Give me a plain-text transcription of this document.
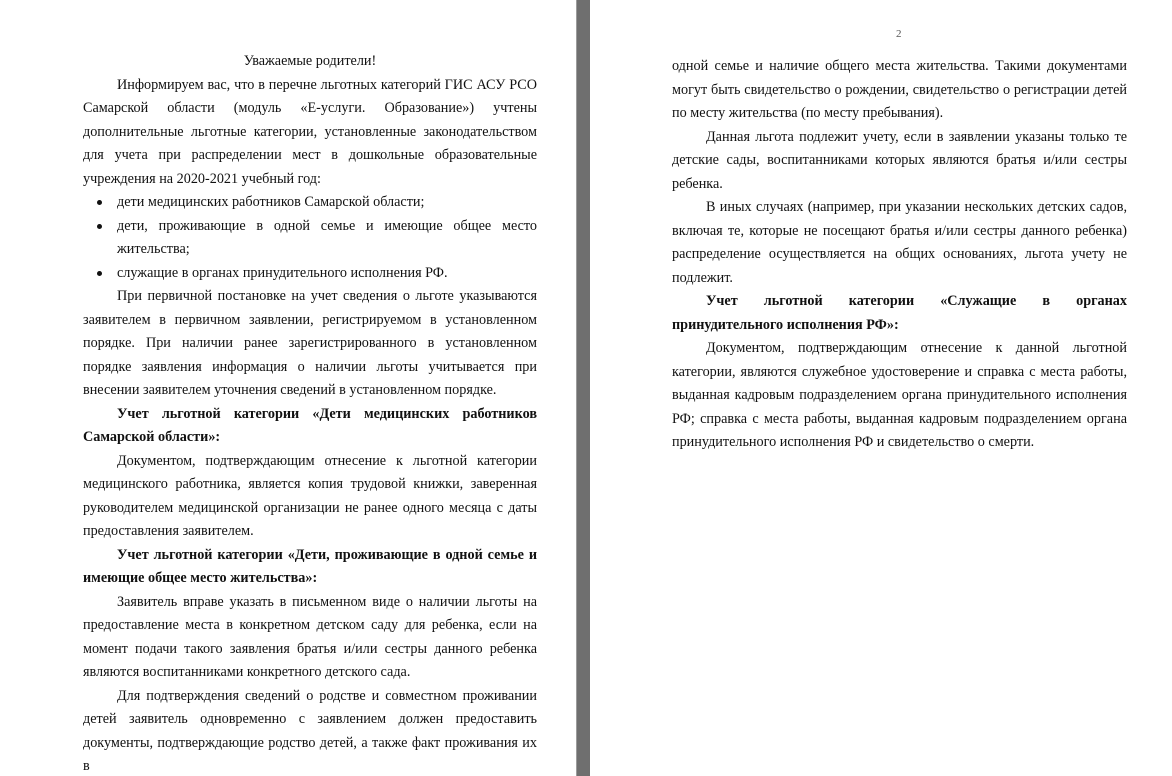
Уважаемые родители!

Информируем вас, что в перечне льготных категорий ГИС АСУ РСО Самарской области (модуль «Е-услуги. Образование») учтены дополнительные льготные категории, установленные законодательством для учета при распределении мест в дошкольные образовательные учреждения на 2020-2021 учебный год:

дети медицинских работников Самарской области;
дети, проживающие в одной семье и имеющие общее место жительства;
служащие в органах принудительного исполнения РФ.

При первичной постановке на учет сведения о льготе указываются заявителем в первичном заявлении, регистрируемом в установленном порядке. При наличии ранее зарегистрированного в установленном порядке заявления информация о наличии льготы учитывается при внесении заявителем уточнения сведений в установленном порядке.

Учет льготной категории «Дети медицинских работников Самарской области»:

Документом, подтверждающим отнесение к льготной категории медицинского работника, является копия трудовой книжки, заверенная руководителем медицинской организации не ранее одного месяца с даты предоставления заявителем.

Учет льготной категории «Дети, проживающие в одной семье и имеющие общее место жительства»:

Заявитель вправе указать в письменном виде о наличии льготы на предоставление места в конкретном детском саду для ребенка, если на момент подачи такого заявления братья и/или сестры данного ребенка являются воспитанниками конкретного детского сада.

Для подтверждения сведений о родстве и совместном проживании детей заявитель одновременно с заявлением должен предоставить документы, подтверждающие родство детей, а также факт проживания их в

2

одной семье и наличие общего места жительства. Такими документами могут быть свидетельство о рождении, свидетельство о регистрации детей по месту жительства (по месту пребывания).

Данная льгота подлежит учету, если в заявлении указаны только те детские сады, воспитанниками которых являются братья и/или сестры ребенка.

В иных случаях (например, при указании нескольких детских садов, включая те, которые не посещают братья и/или сестры данного ребенка) распределение осуществляется на общих основаниях, льгота учету не подлежит.

Учет льготной категории «Служащие в органах принудительного исполнения РФ»:

Документом, подтверждающим отнесение к данной льготной категории, являются служебное удостоверение и справка с места работы, выданная кадровым подразделением органа принудительного исполнения РФ; справка с места работы, выданная кадровым подразделением органа принудительного исполнения РФ и свидетельство о смерти.
